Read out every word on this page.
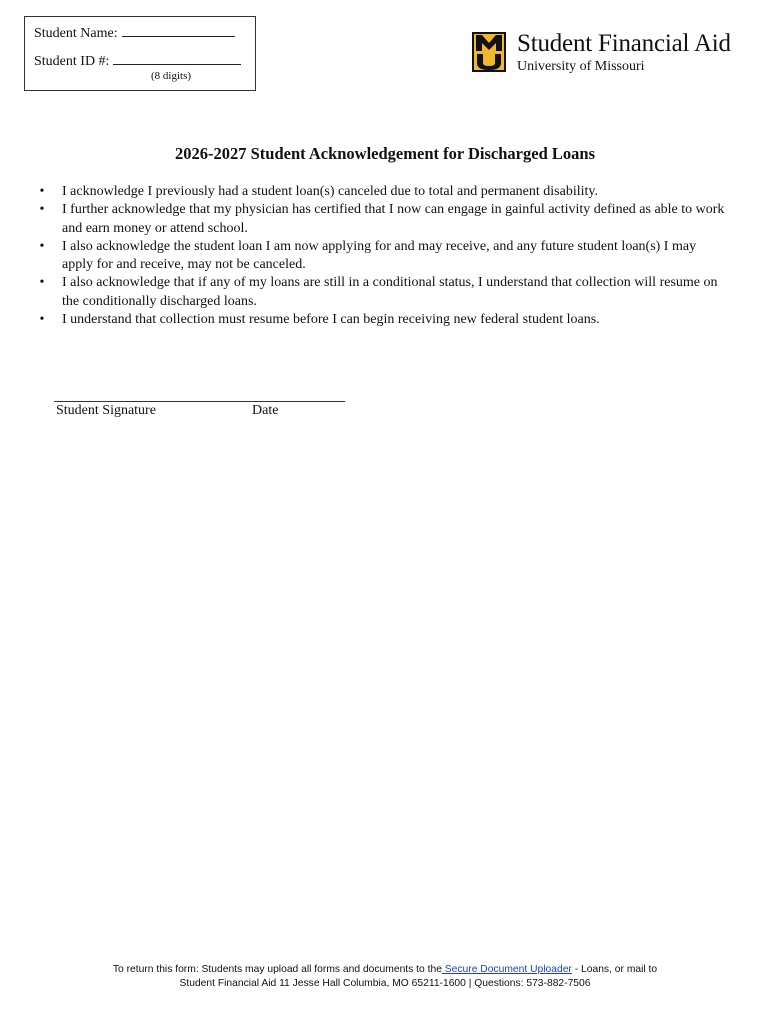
Student Name:
Student ID #:
(8 digits)
Student Financial Aid
University of Missouri
2026-2027 Student Acknowledgement for Discharged Loans
• I acknowledge I previously had a student loan(s) canceled due to total and permanent disability.
• I further acknowledge that my physician has certified that I now can engage in gainful activity defined as able to work and earn money or attend school.
• I also acknowledge the student loan I am now applying for and may receive, and any future student loan(s) I may apply for and receive, may not be canceled.
• I also acknowledge that if any of my loans are still in a conditional status, I understand that collection will resume on the conditionally discharged loans.
• I understand that collection must resume before I can begin receiving new federal student loans.
Student Signature	Date
To return this form: Students may upload all forms and documents to the Secure Document Uploader - Loans, or mail to
Student Financial Aid 11 Jesse Hall Columbia, MO 65211-1600 | Questions: 573-882-7506
